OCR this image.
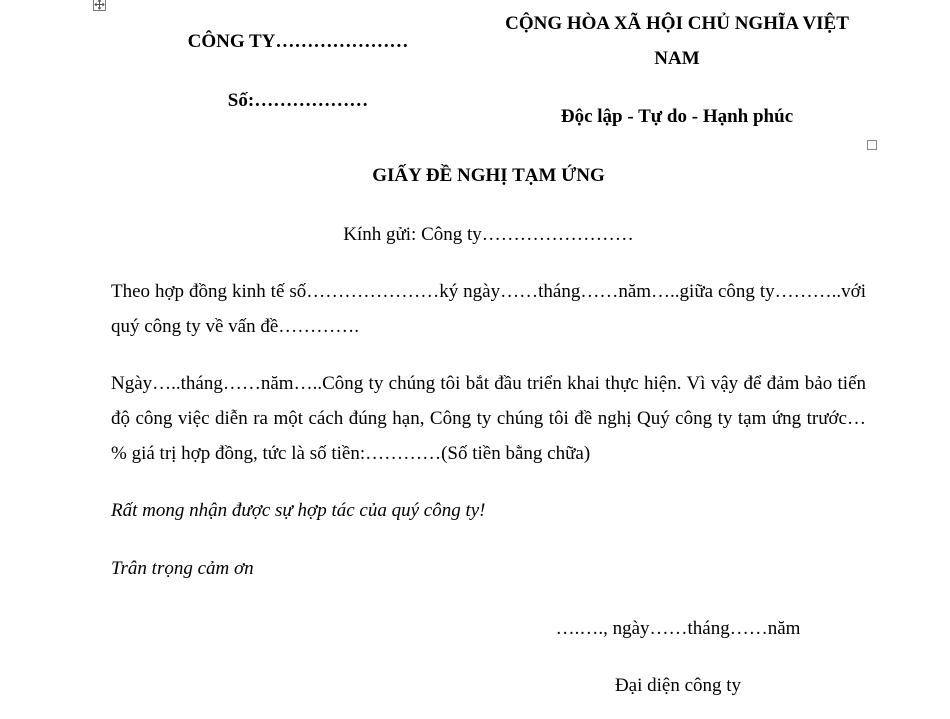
CÔNG TY…………………
Số:………………
CỘNG HÒA XÃ HỘI CHỦ NGHĨA VIỆT
NAM
Độc lập - Tự do - Hạnh phúc
GIẤY ĐỀ NGHỊ TẠM ỨNG
Kính gửi: Công ty……………………
Theo hợp đồng kinh tế số…………………ký ngày……tháng……năm…..giữa công ty………..với quý công ty về vấn đề………….
Ngày…..tháng……năm…..Công ty chúng tôi bắt đầu triển khai thực hiện. Vì vậy để đảm bảo tiến độ công việc diễn ra một cách đúng hạn, Công ty chúng tôi đề nghị Quý công ty tạm ứng trước…% giá trị hợp đồng, tức là số tiền:…………(Số tiền bằng chữa)
Rất mong nhận được sự hợp tác của quý công ty!
Trân trọng cảm ơn
….…., ngày……tháng……năm
Đại diện công ty
